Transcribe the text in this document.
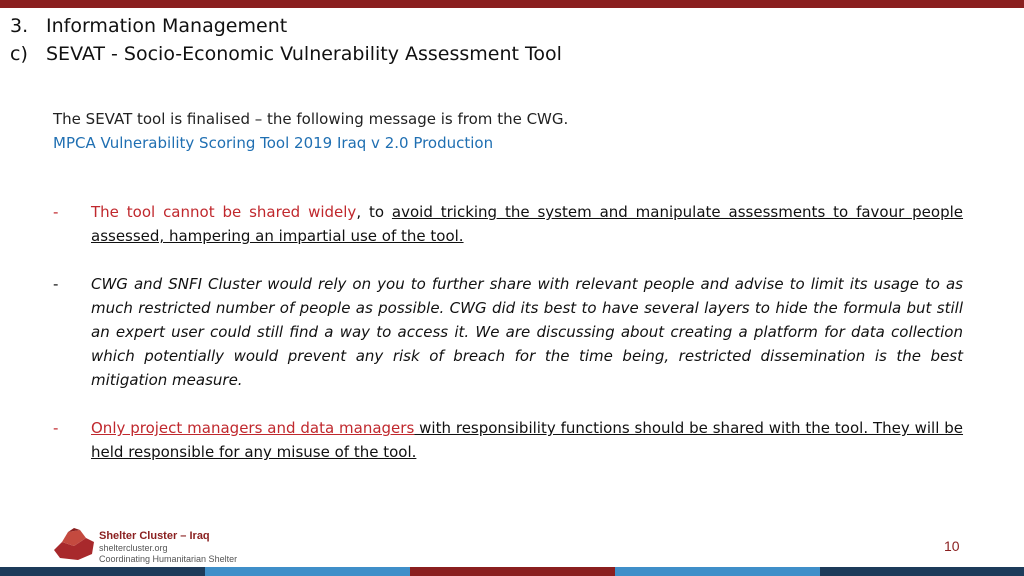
3. Information Management
c) SEVAT - Socio-Economic Vulnerability Assessment Tool
The SEVAT tool is finalised – the following message is from the CWG.
MPCA Vulnerability Scoring Tool 2019 Iraq v 2.0 Production
-	The tool cannot be shared widely, to avoid tricking the system and manipulate assessments to favour people assessed, hampering an impartial use of the tool.
-	CWG and SNFI Cluster would rely on you to further share with relevant people and advise to limit its usage to as much restricted number of people as possible. CWG did its best to have several layers to hide the formula but still an expert user could still find a way to access it. We are discussing about creating a platform for data collection which potentially would prevent any risk of breach for the time being, restricted dissemination is the best mitigation measure.
-	Only project managers and data managers with responsibility functions should be shared with the tool. They will be held responsible for any misuse of the tool.
Shelter Cluster – Iraq
sheltercluster.org
Coordinating Humanitarian Shelter
10
